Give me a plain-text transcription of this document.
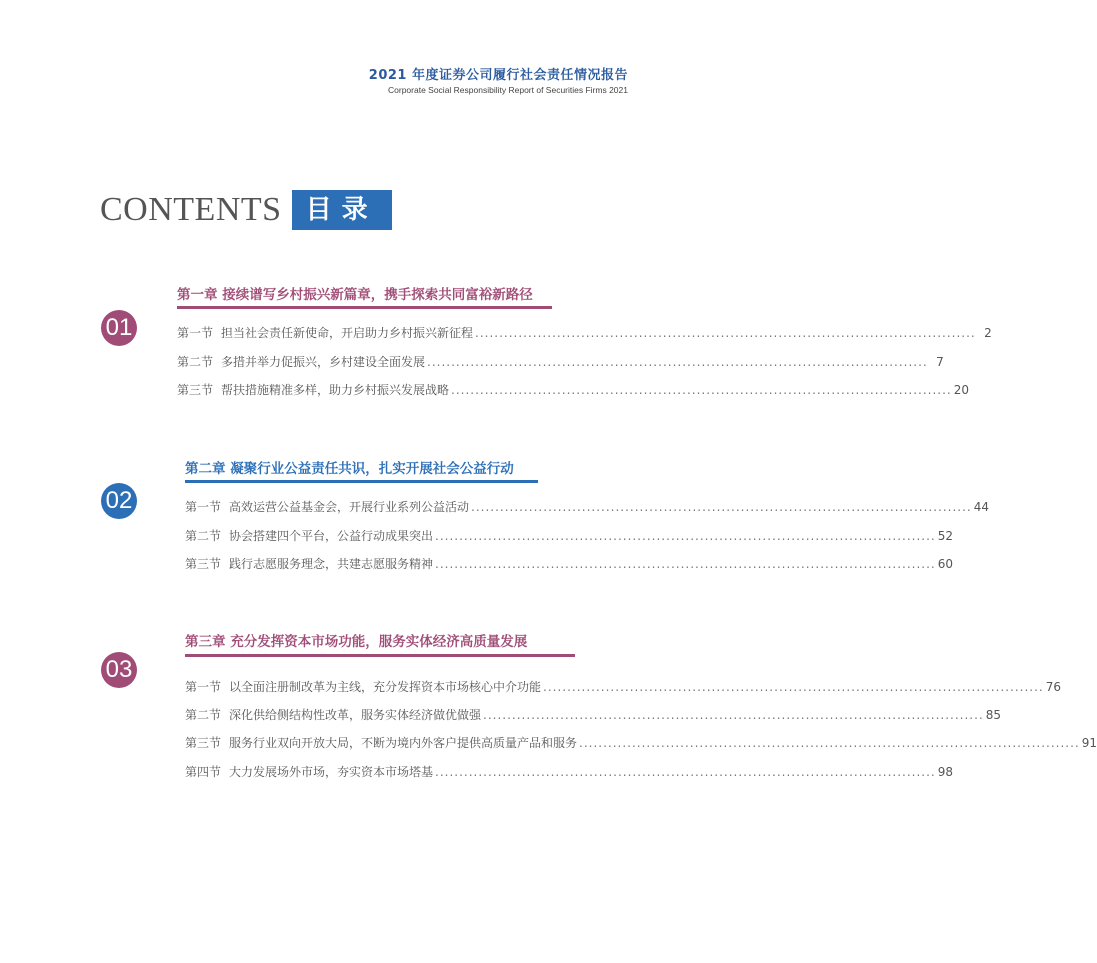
2021 年度证券公司履行社会责任情况报告
Corporate Social Responsibility Report of Securities Firms 2021
CONTENTS 目录
第一章 接续谱写乡村振兴新篇章，携手探索共同富裕新路径
01	第一节 担当社会责任新使命，开启助力乡村振兴新征程 ........................................................................................................ 2
第二节 多措并举力促振兴，乡村建设全面发展 ........................................................................................................ 7
第三节 帮扶措施精准多样，助力乡村振兴发展战略 ........................................................................................................ 20
第二章 凝聚行业公益责任共识，扎实开展社会公益行动
02	第一节 高效运营公益基金会，开展行业系列公益活动 ........................................................................................................ 44
第二节 协会搭建四个平台，公益行动成果突出 ........................................................................................................ 52
第三节 践行志愿服务理念，共建志愿服务精神 ........................................................................................................ 60
第三章 充分发挥资本市场功能，服务实体经济高质量发展
03
第一节 以全面注册制改革为主线，充分发挥资本市场核心中介功能 ........................................................................................................ 76
第二节 深化供给侧结构性改革，服务实体经济做优做强 ........................................................................................................ 85
第三节 服务行业双向开放大局，不断为境内外客户提供高质量产品和服务 ........................................................................................................ 91
第四节 大力发展场外市场，夯实资本市场塔基 ........................................................................................................ 98
